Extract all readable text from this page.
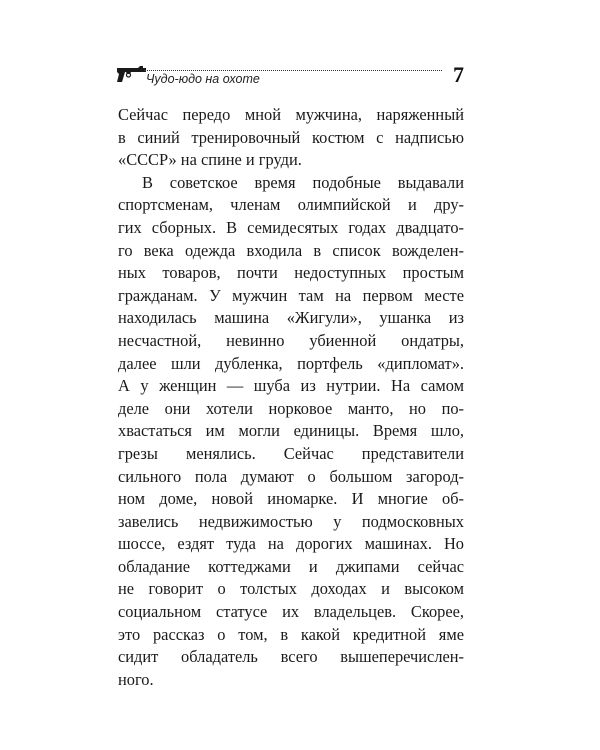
Чудо-юдо на охоте	7
Сейчас передо мной мужчина, наряженный
в синий тренировочный костюм с надписью
«СССР» на спине и груди.
В советское время подобные выдавали
спортсменам, членам олимпийской и дру-
гих сборных. В семидесятых годах двадцато-
го века одежда входила в список вожделен-
ных товаров, почти недоступных простым
гражданам. У мужчин там на первом месте
находилась машина «Жигули», ушанка из
несчастной, невинно убиенной ондатры,
далее шли дубленка, портфель «дипломат».
А у женщин — шуба из нутрии. На самом
деле они хотели норковое манто, но по-
хвастаться им могли единицы. Время шло,
грезы менялись. Сейчас представители
сильного пола думают о большом загород-
ном доме, новой иномарке. И многие об-
завелись недвижимостью у подмосковных
шоссе, ездят туда на дорогих машинах. Но
обладание коттеджами и джипами сейчас
не говорит о толстых доходах и высоком
социальном статусе их владельцев. Скорее,
это рассказ о том, в какой кредитной яме
сидит обладатель всего вышеперечислен-
ного.
